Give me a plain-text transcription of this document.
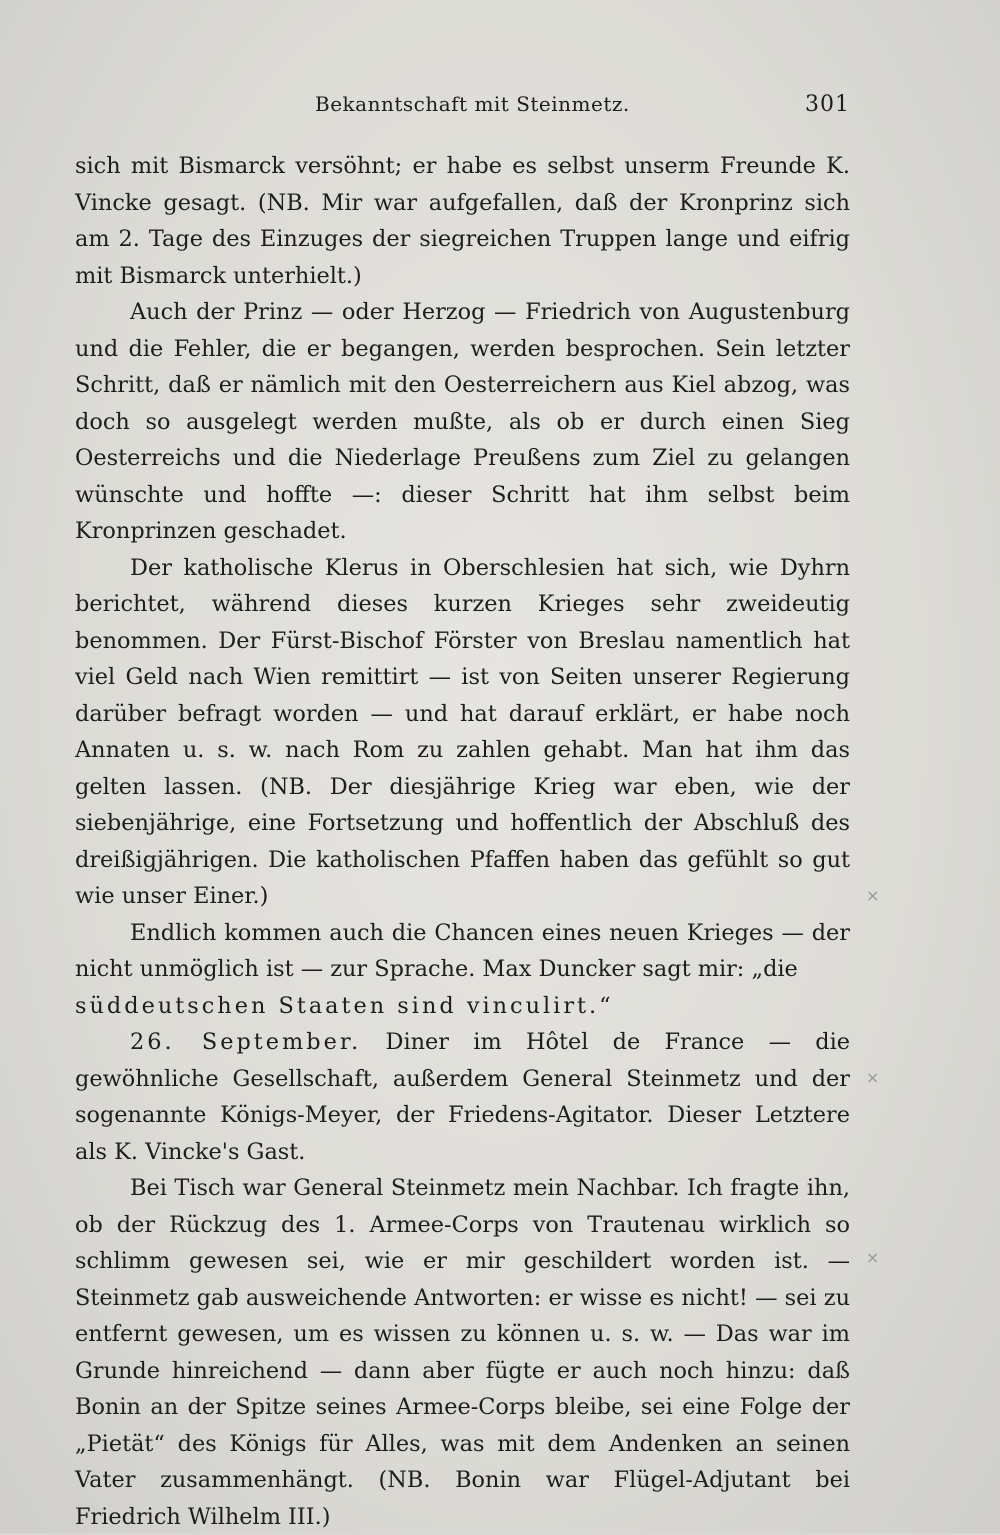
Bekanntschaft mit Steinmetz.	301

sich mit Bismarck versöhnt; er habe es selbst unserm Freunde K. Vincke gesagt. (NB. Mir war aufgefallen, daß der Kronprinz sich am 2. Tage des Einzuges der siegreichen Truppen lange und eifrig mit Bismarck unterhielt.)

Auch der Prinz — oder Herzog — Friedrich von Augustenburg und die Fehler, die er begangen, werden besprochen. Sein letzter Schritt, daß er nämlich mit den Oesterreichern aus Kiel abzog, was doch so ausgelegt werden mußte, als ob er durch einen Sieg Oesterreichs und die Niederlage Preußens zum Ziel zu gelangen wünschte und hoffte —: dieser Schritt hat ihm selbst beim Kronprinzen geschadet.

Der katholische Klerus in Oberschlesien hat sich, wie Dyhrn berichtet, während dieses kurzen Krieges sehr zweideutig benommen. Der Fürst-Bischof Förster von Breslau namentlich hat viel Geld nach Wien remittirt — ist von Seiten unserer Regierung darüber befragt worden — und hat darauf erklärt, er habe noch Annaten u. s. w. nach Rom zu zahlen gehabt. Man hat ihm das gelten lassen. (NB. Der diesjährige Krieg war eben, wie der siebenjährige, eine Fortsetzung und hoffentlich der Abschluß des dreißigjährigen. Die katholischen Pfaffen haben das gefühlt so gut wie unser Einer.)

Endlich kommen auch die Chancen eines neuen Krieges — der nicht unmöglich ist — zur Sprache. Max Duncker sagt mir: „die
süddeutschen Staaten sind vinculirt.“

26. September. Diner im Hôtel de France — die gewöhnliche Gesellschaft, außerdem General Steinmetz und der sogenannte Königs-Meyer, der Friedens-Agitator. Dieser Letztere als K. Vincke's Gast.

Bei Tisch war General Steinmetz mein Nachbar. Ich fragte ihn, ob der Rückzug des 1. Armee-Corps von Trautenau wirklich so schlimm gewesen sei, wie er mir geschildert worden ist. — Steinmetz gab ausweichende Antworten: er wisse es nicht! — sei zu entfernt gewesen, um es wissen zu können u. s. w. — Das war im Grunde hinreichend — dann aber fügte er auch noch hinzu: daß Bonin an der Spitze seines Armee-Corps bleibe, sei eine Folge der „Pietät“ des Königs für Alles, was mit dem Andenken an seinen Vater zusammenhängt. (NB. Bonin war Flügel-Adjutant bei Friedrich Wilhelm III.)

×
×
×
